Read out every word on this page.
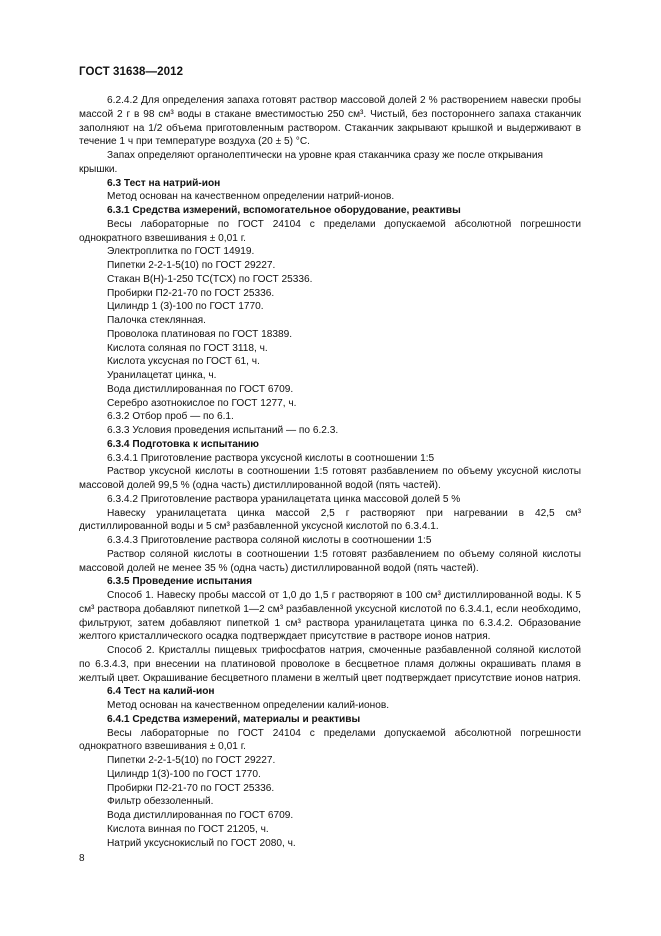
ГОСТ 31638—2012

6.2.4.2 Для определения запаха готовят раствор массовой долей 2 % растворением навески пробы массой 2 г в 98 см³ воды в стакане вместимостью 250 см³. Чистый, без постороннего запаха стаканчик заполняют на 1/2 объема приготовленным раствором. Стаканчик закрывают крышкой и выдерживают в течение 1 ч при температуре воздуха (20 ± 5) °С.

Запах определяют органолептически на уровне края стаканчика сразу же после открывания крышки.

6.3 Тест на натрий-ион

Метод основан на качественном определении натрий-ионов.

6.3.1 Средства измерений, вспомогательное оборудование, реактивы

Весы лабораторные по ГОСТ 24104 с пределами допускаемой абсолютной погрешности однократного взвешивания ± 0,01 г.

Электроплитка по ГОСТ 14919.

Пипетки 2-2-1-5(10) по ГОСТ 29227.

Стакан В(Н)-1-250 ТС(ТСХ) по ГОСТ 25336.

Пробирки П2-21-70 по ГОСТ 25336.

Цилиндр 1 (3)-100 по ГОСТ 1770.

Палочка стеклянная.

Проволока платиновая по ГОСТ 18389.

Кислота соляная по ГОСТ 3118, ч.

Кислота уксусная по ГОСТ 61, ч.

Уранилацетат цинка, ч.

Вода дистиллированная по ГОСТ 6709.

Серебро азотнокислое по ГОСТ 1277, ч.

6.3.2 Отбор проб — по 6.1.

6.3.3 Условия проведения испытаний — по 6.2.3.

6.3.4 Подготовка к испытанию

6.3.4.1 Приготовление раствора уксусной кислоты в соотношении 1:5

Раствор уксусной кислоты в соотношении 1:5 готовят разбавлением по объему уксусной кислоты массовой долей 99,5 % (одна часть) дистиллированной водой (пять частей).

6.3.4.2 Приготовление раствора уранилацетата цинка массовой долей 5 %

Навеску уранилацетата цинка массой 2,5 г растворяют при нагревании в 42,5 см³ дистиллированной воды и 5 см³ разбавленной уксусной кислотой по 6.3.4.1.

6.3.4.3 Приготовление раствора соляной кислоты в соотношении 1:5

Раствор соляной кислоты в соотношении 1:5 готовят разбавлением по объему соляной кислоты массовой долей не менее 35 % (одна часть) дистиллированной водой (пять частей).

6.3.5 Проведение испытания

Способ 1. Навеску пробы массой от 1,0 до 1,5 г растворяют в 100 см³ дистиллированной воды. К 5 см³ раствора добавляют пипеткой 1—2 см³ разбавленной уксусной кислотой по 6.3.4.1, если необходимо, фильтруют, затем добавляют пипеткой 1 см³ раствора уранилацетата цинка по 6.3.4.2. Образование желтого кристаллического осадка подтверждает присутствие в растворе ионов натрия.

Способ 2. Кристаллы пищевых трифосфатов натрия, смоченные разбавленной соляной кислотой по 6.3.4.3, при внесении на платиновой проволоке в бесцветное пламя должны окрашивать пламя в желтый цвет. Окрашивание бесцветного пламени в желтый цвет подтверждает присутствие ионов натрия.

6.4 Тест на калий-ион

Метод основан на качественном определении калий-ионов.

6.4.1 Средства измерений, материалы и реактивы

Весы лабораторные по ГОСТ 24104 с пределами допускаемой абсолютной погрешности однократного взвешивания ± 0,01 г.

Пипетки 2-2-1-5(10) по ГОСТ 29227.

Цилиндр 1(3)-100 по ГОСТ 1770.

Пробирки П2-21-70 по ГОСТ 25336.

Фильтр обеззоленный.

Вода дистиллированная по ГОСТ 6709.

Кислота винная по ГОСТ 21205, ч.

Натрий уксуснокислый по ГОСТ 2080, ч.

8
